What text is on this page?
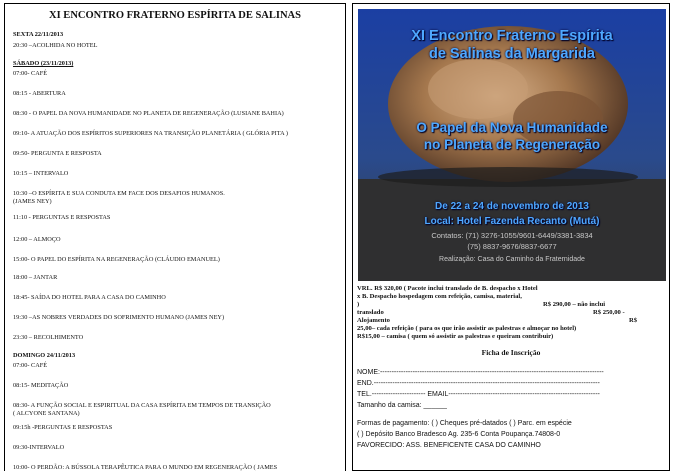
XI ENCONTRO FRATERNO ESPÍRITA DE SALINAS
SEXTA 22/11/2013
20:30 –ACOLHIDA NO HOTEL
SÁBADO (23/11/2013)
07:00- CAFÉ
08:15 - ABERTURA
08:30 - O PAPEL DA NOVA HUMANIDADE NO PLANETA DE REGENERAÇÃO (LUSIANE BAHIA)
09:10- A ATUAÇÃO DOS ESPÍRITOS SUPERIORES NA TRANSIÇÃO PLANETÁRIA ( GLÓRIA PITA )
09:50- PERGUNTA E RESPOSTA
10:15 – INTERVALO
10:30 –O ESPÍRITA E SUA CONDUTA EM FACE DOS DESAFIOS HUMANOS.
(JAMES NEY)
11:10 - PERGUNTAS E RESPOSTAS
12:00 – ALMOÇO
15:00- O PAPEL DO ESPÍRITA NA REGENERAÇÃO (CLÁUDIO EMANUEL)
18:00 – JANTAR
18:45- SAÍDA DO HOTEL PARA A CASA DO CAMINHO
19:30 –AS NOBRES VERDADES DO SOFRIMENTO HUMANO (JAMES NEY)
23:30 – RECOLHIMENTO
DOMINGO 24/11/2013
07:00- CAFÉ
08:15- MEDITAÇÃO
08:30- A FUNÇÃO SOCIAL E ESPIRITUAL DA CASA ESPÍRITA EM TEMPOS DE TRANSIÇÃO
( ALCYONE SANTANA)
09:15h -PERGUNTAS E RESPOSTAS
09:30-INTERVALO
10:00- O PERDÃO: A BÚSSOLA TERAPÊUTICA PARA O MUNDO EM REGENERAÇÃO ( JAMES
XI Encontro Fraterno Espírita
de Salinas da Margarida
O Papel da Nova Humanidade
no Planeta de Regeneração
De 22 a 24 de novembro de 2013
Local: Hotel Fazenda Recanto (Mutá)
Contatos: (71) 3276-1055/9601-6449/3381-3834
(75) 8837-9676/8837-6677
Realização: Casa do Caminho da Fraternidade
VRL. R$ 320,00 ( Pacote inclui translado de B. despacho x Hotel
x B. Despacho hospedagem com refeição, camisa, material,
)	R$ 290,00 – não inclui
translado	R$ 250,00 -
Alojamento	R$
25,00– cada refeição ( para os que irão assistir as palestras e almoçar no hotel)
R$15,00 – camisa ( quem só assistir as palestras e queiram contribuir)
Ficha de Inscrição
NOME:------------------------------------------------------------------------------------------------
END.-------------------------------------------------------------------------------------------------
TEL.----------------------- EMAIL-----------------------------------------------------------------
Tamanho da camisa: ______
Formas de pagamento: ( ) Cheques pré-datados ( ) Parc. em espécie
( ) Depósito Banco Bradesco Ag. 235-6 Conta Poupança.74808-0
FAVORECIDO: ASS. BENEFICENTE CASA DO CAMINHO
